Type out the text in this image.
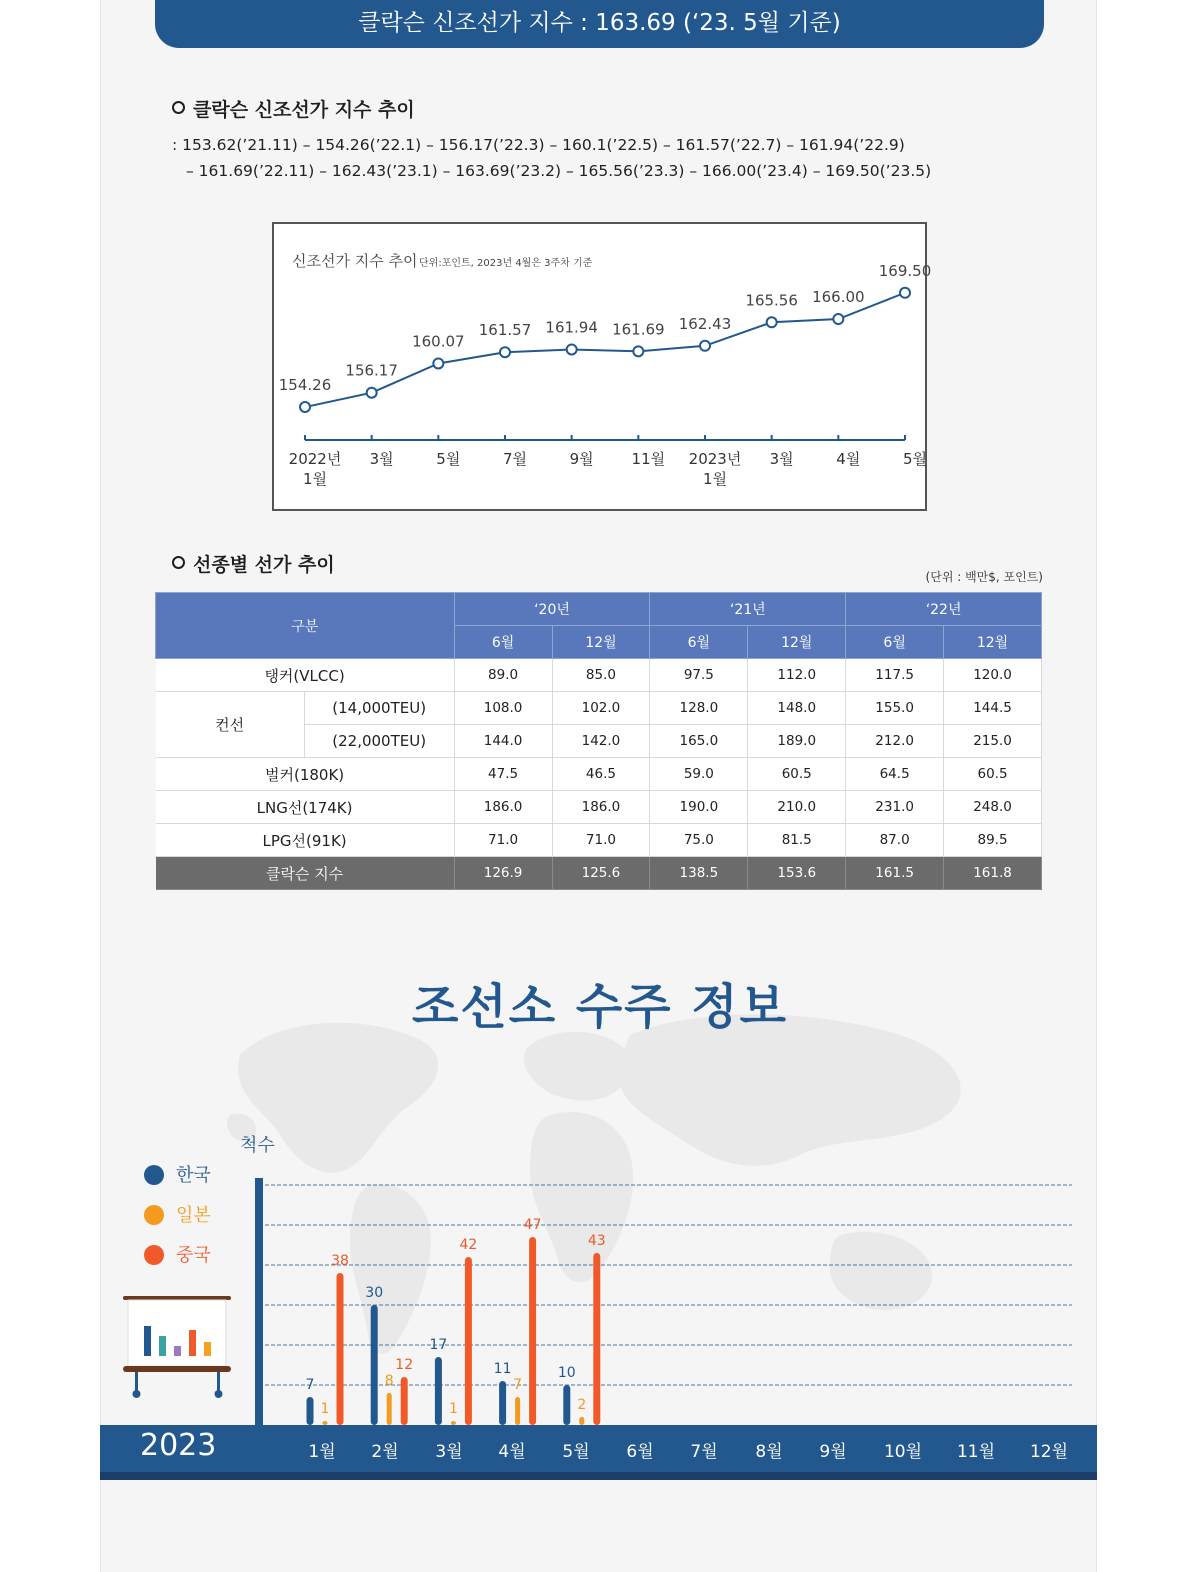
클락슨 신조선가 지수 : 163.69 (‘23. 5월 기준)
클락슨 신조선가 지수 추이
: 153.62(’21.11) – 154.26(’22.1) – 156.17(’22.3) – 160.1(’22.5) – 161.57(’22.7) – 161.94(’22.9)
– 161.69(’22.11) – 162.43(’23.1) – 163.69(’23.2) – 165.56(’23.3) – 166.00(’23.4) – 169.50(’23.5)
신조선가 지수 추이 단위:포인트, 2023년 4월은 3주차 기준
2022년 1월
3월	5월	7월	9월	11월 2023년 1월
3월	4월	5월
154.26
156.17
160.07
161.57 161.94 161.69 162.43
165.56 166.00
169.50
선종별 선가 추이
(단위 : 백만$, 포인트)
구분		‘20년		‘21년		‘22년	
		6월	12월	6월	12월	6월	12월
탱커(VLCC)		89.0	85.0	97.5	112.0	117.5	120.0
컨선	(14,000TEU)	108.0	102.0	128.0	148.0	155.0	144.5
	(22,000TEU)	144.0	142.0	165.0	189.0	212.0	215.0
벌커(180K)		47.5	46.5	59.0	60.5	64.5	60.5
LNG선(174K)		186.0	186.0	190.0	210.0	231.0	248.0
LPG선(91K)		71.0	71.0	75.0	81.5	87.0	89.5
클락슨 지수		126.9	125.6	138.5	153.6	161.5	161.8
조선소 수주 정보
한국
일본
중국
척수
7
30
17
11	10
1
8
1
7
2
38
12
42
47
43
2023	1월	2월	3월	4월	5월	6월	7월	8월	9월	10월	11월	12월
